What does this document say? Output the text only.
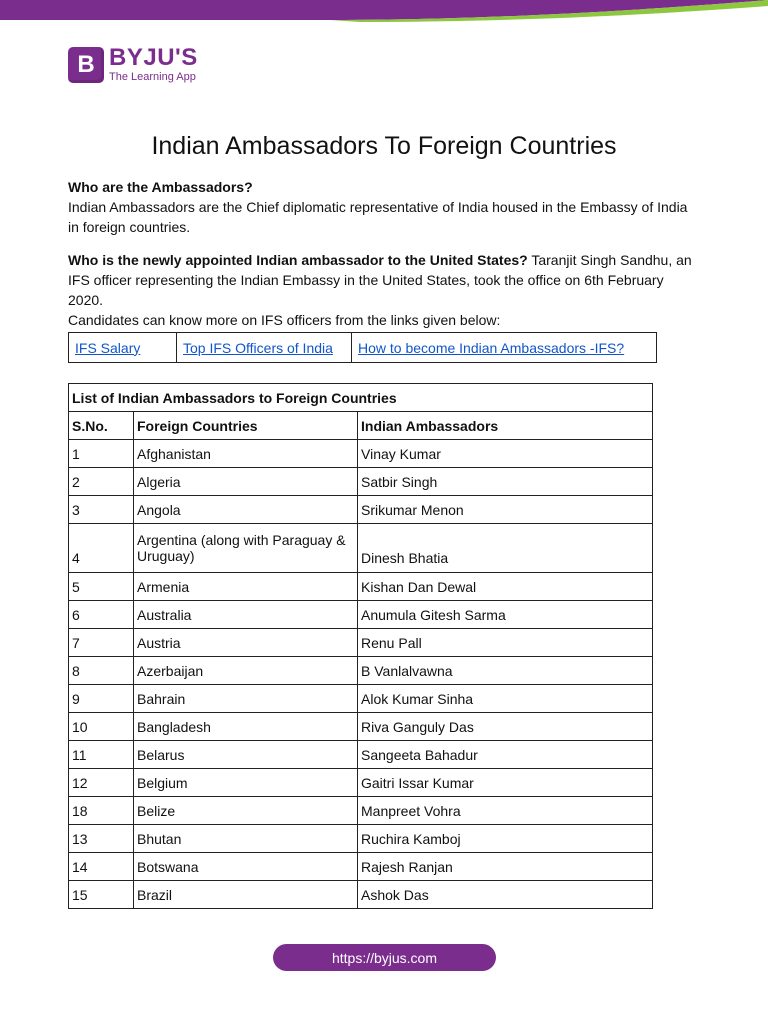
B BYJU'S
The Learning App
Indian Ambassadors To Foreign Countries
Who are the Ambassadors?
Indian Ambassadors are the Chief diplomatic representative of India housed in the Embassy of India in foreign countries.
Who is the newly appointed Indian ambassador to the United States? Taranjit Singh Sandhu, an IFS officer representing the Indian Embassy in the United States, took the office on 6th February 2020.
Candidates can know more on IFS officers from the links given below:
IFS Salary	Top IFS Officers of India	How to become Indian Ambassadors -IFS?
List of Indian Ambassadors to Foreign Countries		
S.No.	Foreign Countries	Indian Ambassadors
1	Afghanistan	Vinay Kumar
2	Algeria	Satbir Singh
3	Angola	Srikumar Menon
4	Argentina (along with Paraguay & Uruguay)	Dinesh Bhatia
5	Armenia	Kishan Dan Dewal
6	Australia	Anumula Gitesh Sarma
7	Austria	Renu Pall
8	Azerbaijan	B Vanlalvawna
9	Bahrain	Alok Kumar Sinha
10	Bangladesh	Riva Ganguly Das
11	Belarus	Sangeeta Bahadur
12	Belgium	Gaitri Issar Kumar
18	Belize	Manpreet Vohra
13	Bhutan	Ruchira Kamboj
14	Botswana	Rajesh Ranjan
15	Brazil	Ashok Das
https://byjus.com
